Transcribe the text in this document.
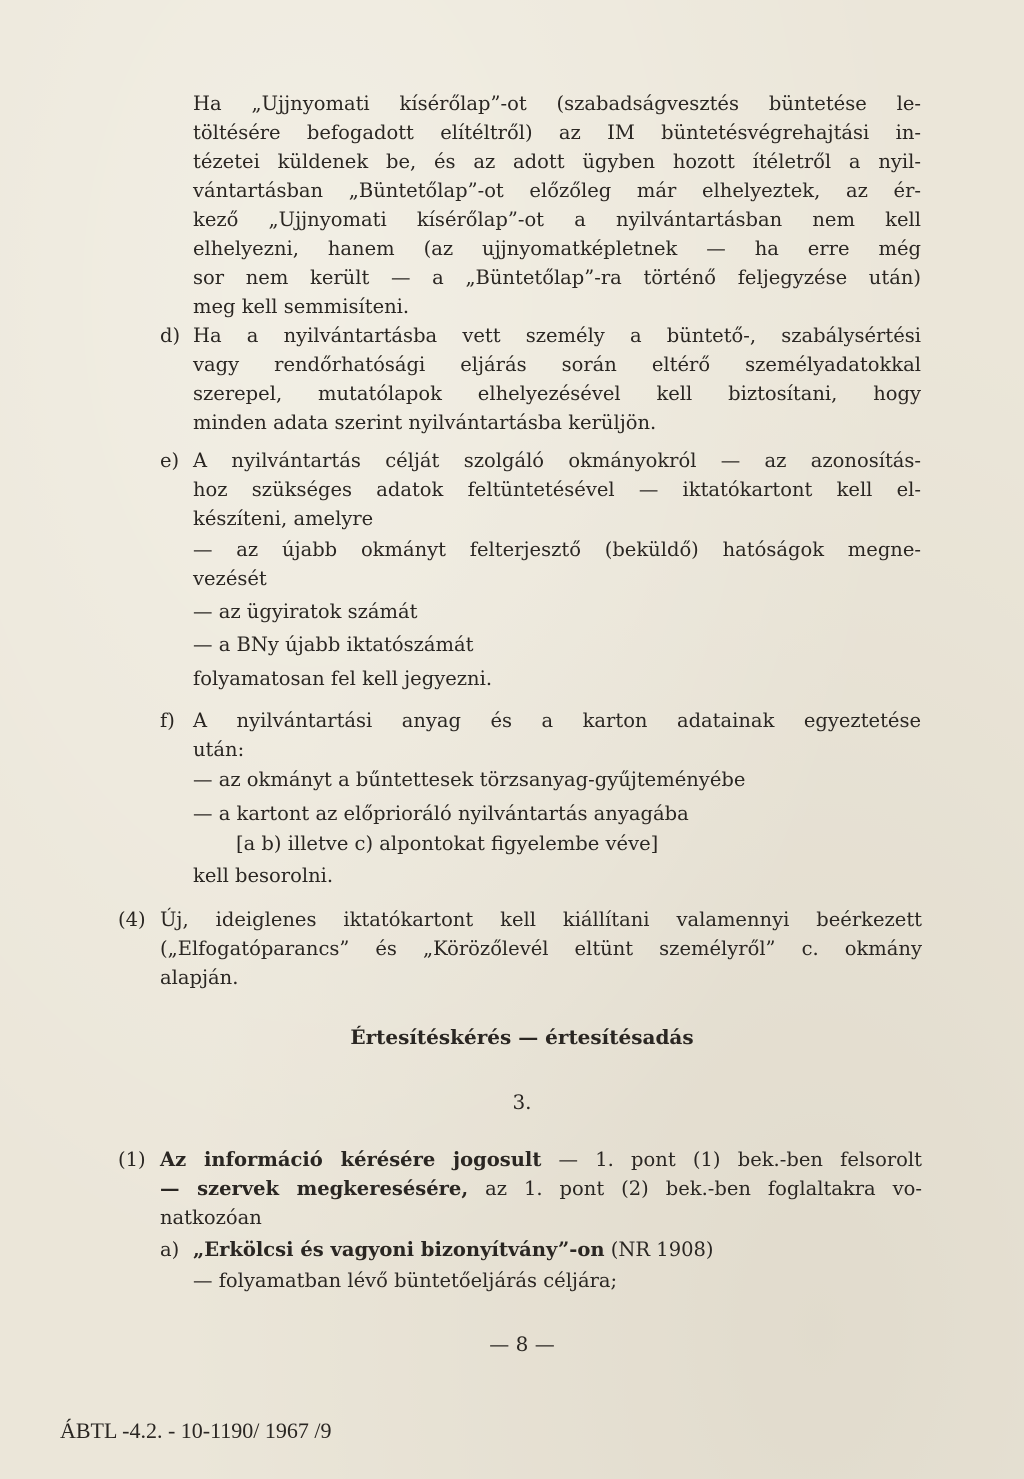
Ha „Ujjnyomati kísérőlap”-ot (szabadságvesztés büntetése le-
töltésére befogadott elítéltről) az IM büntetésvégrehajtási in-
tézetei küldenek be, és az adott ügyben hozott ítéletről a nyil-
vántartásban „Büntetőlap”-ot előzőleg már elhelyeztek, az ér-
kező „Ujjnyomati kísérőlap”-ot a nyilvántartásban nem kell
elhelyezni, hanem (az ujjnyomatképletnek — ha erre még
sor nem került — a „Büntetőlap”-ra történő feljegyzése után)
meg kell semmisíteni.
d) Ha a nyilvántartásba vett személy a büntető-, szabálysértési
vagy rendőrhatósági eljárás során eltérő személyadatokkal
szerepel, mutatólapok elhelyezésével kell biztosítani, hogy
minden adata szerint nyilvántartásba kerüljön.
e) A nyilvántartás célját szolgáló okmányokról — az azonosítás-
hoz szükséges adatok feltüntetésével — iktatókartont kell el-
készíteni, amelyre
— az újabb okmányt felterjesztő (beküldő) hatóságok megne-
vezését
— az ügyiratok számát
— a BNy újabb iktatószámát
folyamatosan fel kell jegyezni.
f) A nyilvántartási anyag és a karton adatainak egyeztetése
után:
— az okmányt a bűntettesek törzsanyag-gyűjteményébe
— a kartont az előprioráló nyilvántartás anyagába
[a b) illetve c) alpontokat figyelembe véve]
kell besorolni.
(4) Új, ideiglenes iktatókartont kell kiállítani valamennyi beérkezett
(„Elfogatóparancs” és „Körözőlevél eltünt személyről” c. okmány
alapján.
Értesítéskérés — értesítésadás
3.
(1) Az információ kérésére jogosult — 1. pont (1) bek.-ben felsorolt
— szervek megkeresésére, az 1. pont (2) bek.-ben foglaltakra vo-
natkozóan
a) „Erkölcsi és vagyoni bizonyítvány”-on (NR 1908)
— folyamatban lévő büntetőeljárás céljára;
— 8 —
ÁBTL -4.2. - 10-1190/ 1967 /9
